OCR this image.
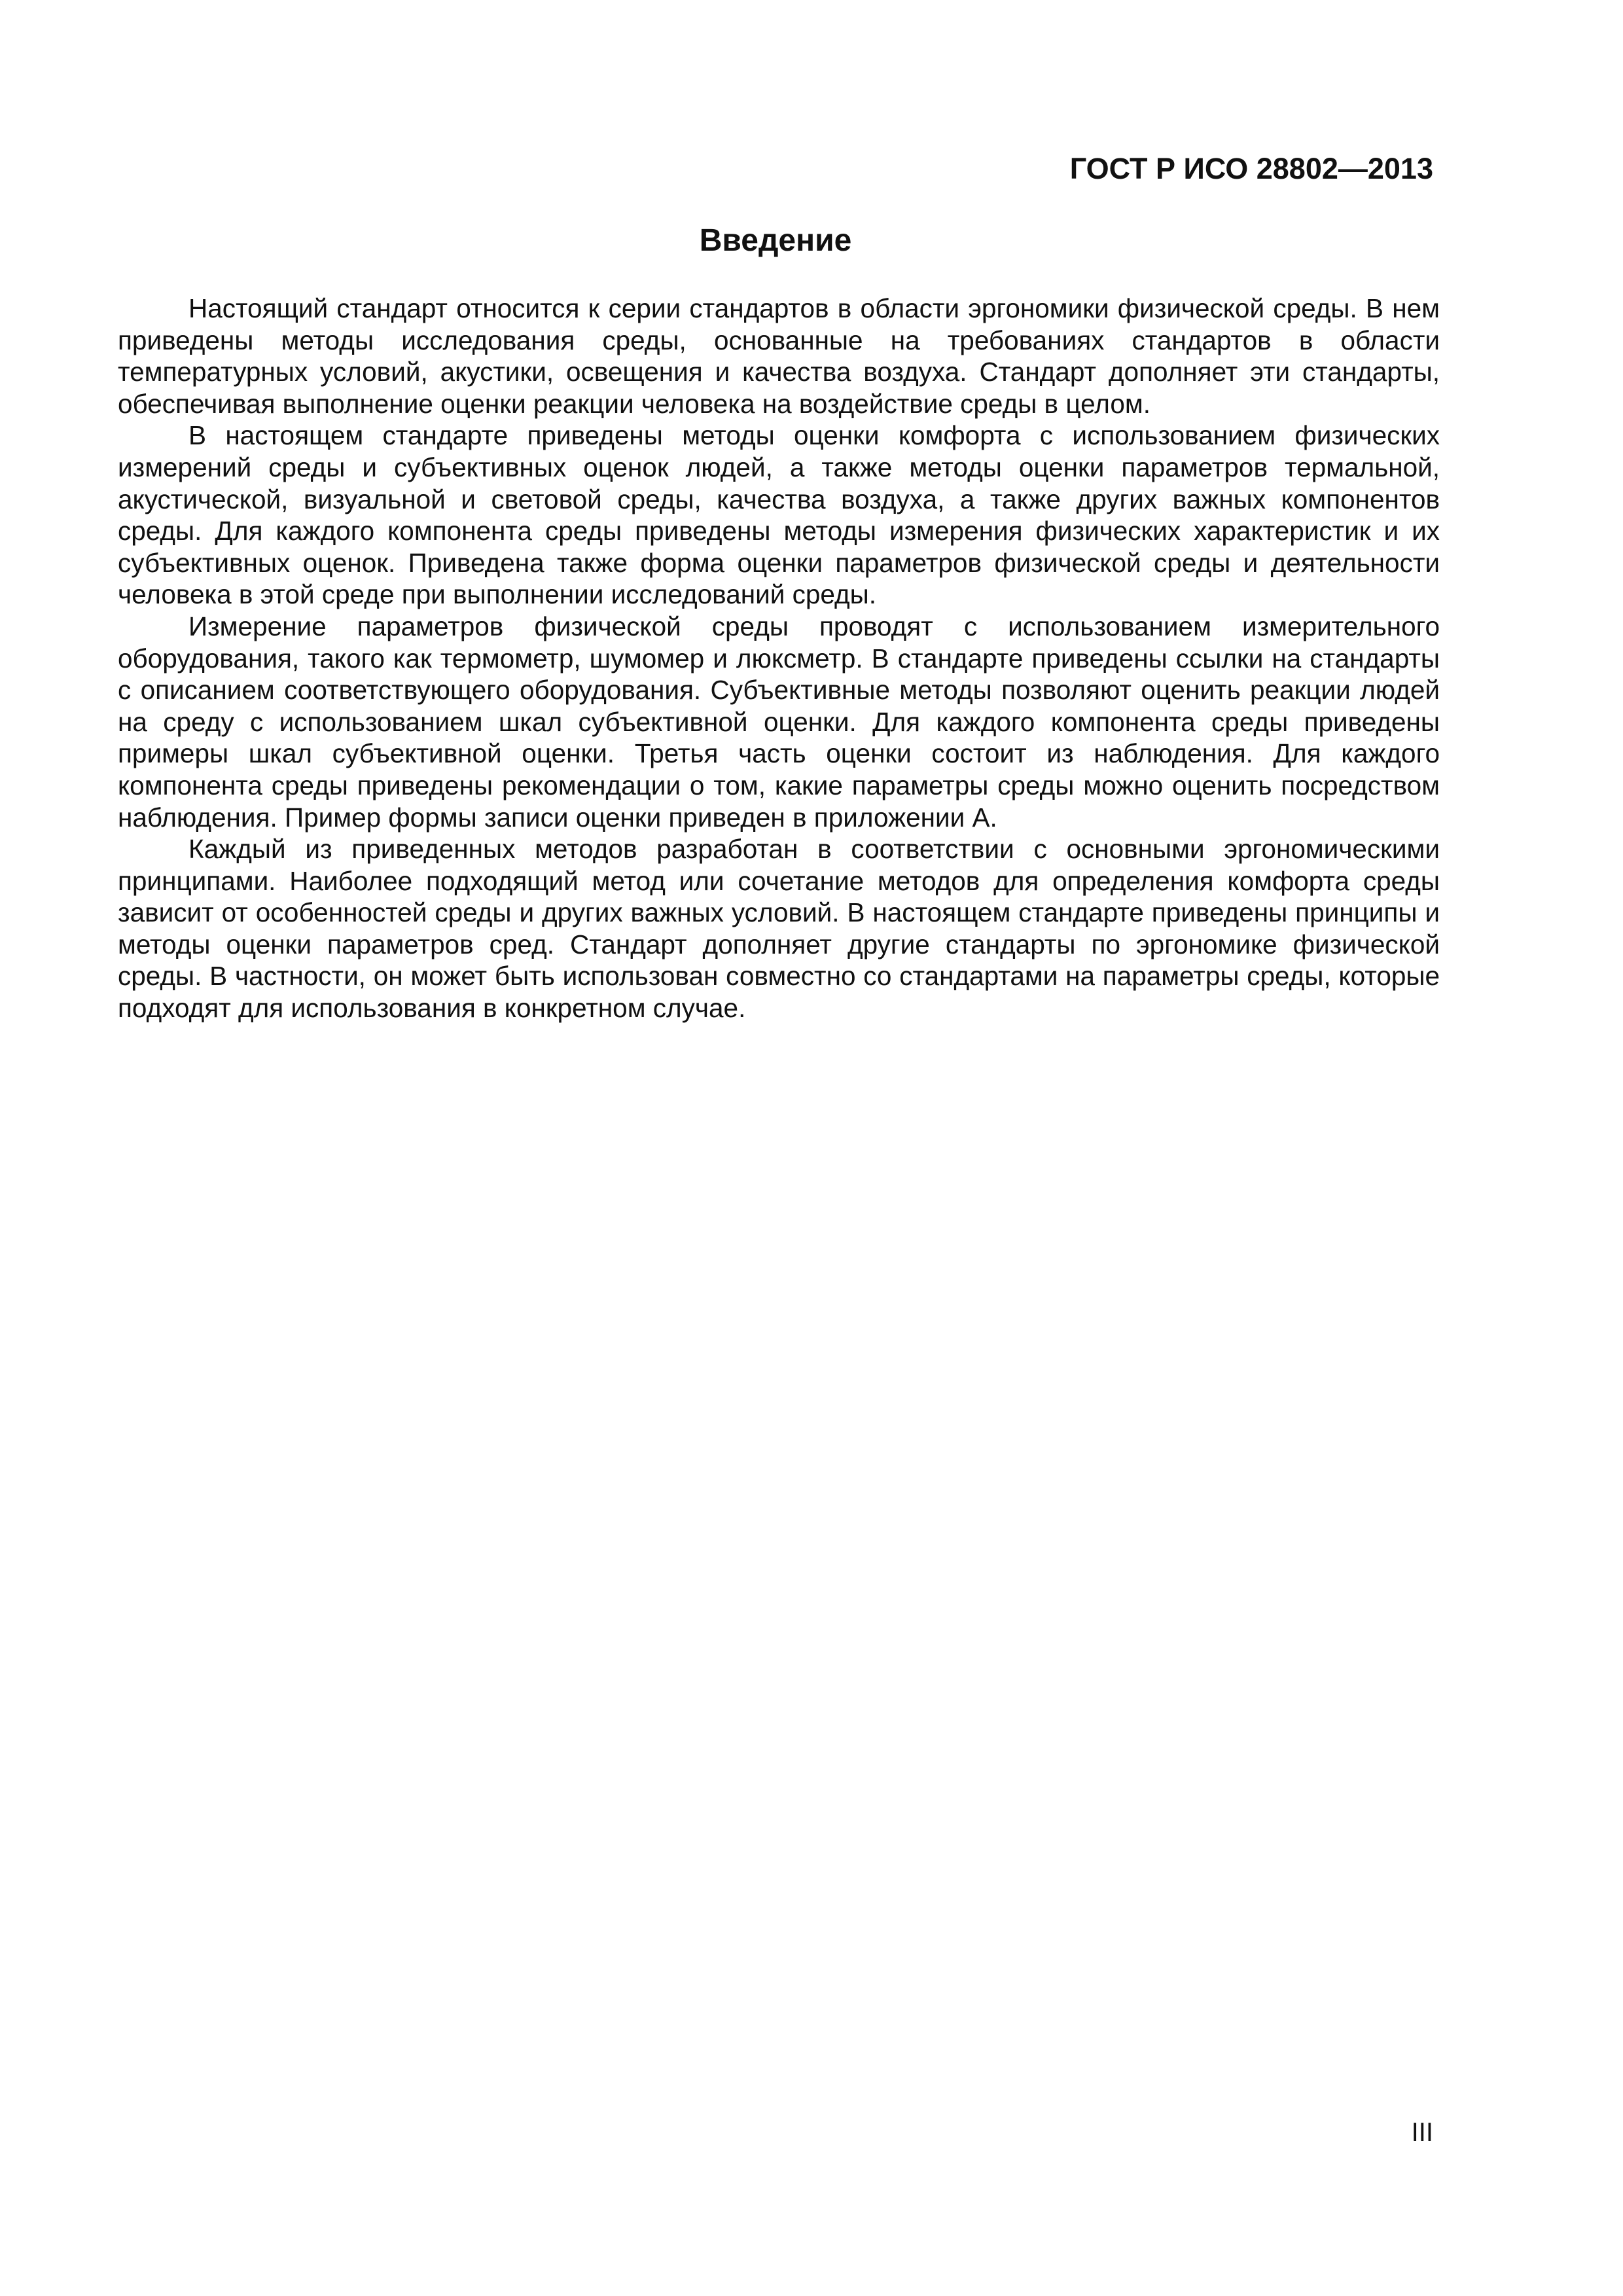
ГОСТ Р ИСО 28802—2013
Введение

Настоящий стандарт относится к серии стандартов в области эргономики физической среды. В нем приведены методы исследования среды, основанные на требованиях стандартов в области температурных условий, акустики, освещения и качества воздуха. Стандарт дополняет эти стандарты, обеспечивая выполнение оценки реакции человека на воздействие среды в целом.

В настоящем стандарте приведены методы оценки комфорта с использованием физических измерений среды и субъективных оценок людей, а также методы оценки параметров термальной, акустической, визуальной и световой среды, качества воздуха, а также других важных компонентов среды. Для каждого компонента среды приведены методы измерения физических характеристик и их субъективных оценок. Приведена также форма оценки параметров физической среды и деятельности человека в этой среде при выполнении исследований среды.

Измерение параметров физической среды проводят с использованием измерительного оборудования, такого как термометр, шумомер и люксметр. В стандарте приведены ссылки на стандарты с описанием соответствующего оборудования. Субъективные методы позволяют оценить реакции людей на среду с использованием шкал субъективной оценки. Для каждого компонента среды приведены примеры шкал субъективной оценки. Третья часть оценки состоит из наблюдения. Для каждого компонента среды приведены рекомендации о том, какие параметры среды можно оценить посредством наблюдения. Пример формы записи оценки приведен в приложении А.

Каждый из приведенных методов разработан в соответствии с основными эргономическими принципами. Наиболее подходящий метод или сочетание методов для определения комфорта среды зависит от особенностей среды и других важных условий. В настоящем стандарте приведены принципы и методы оценки параметров сред. Стандарт дополняет другие стандарты по эргономике физической среды. В частности, он может быть использован совместно со стандартами на параметры среды, которые подходят для использования в конкретном случае.

III
